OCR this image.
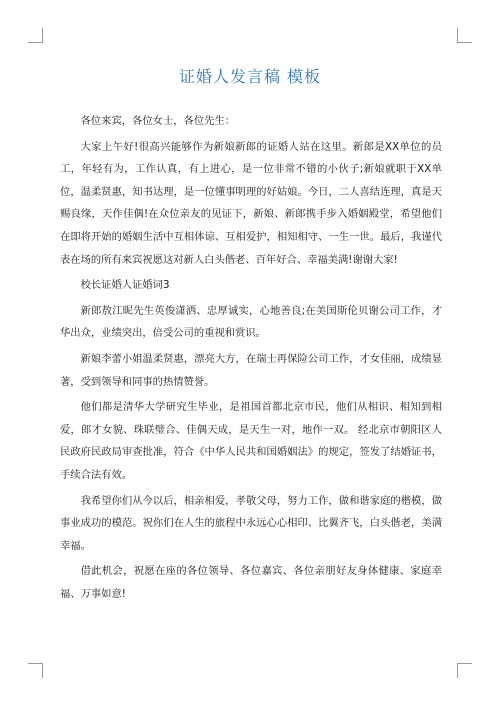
证婚人发言稿 模板

各位来宾，各位女士，各位先生：

大家上午好!很高兴能够作为新娘新郎的证婚人站在这里。新郎是XX单位的员工，年轻有为，工作认真，有上进心，是一位非常不错的小伙子;新娘就职于XX单位，温柔贤惠，知书达理，是一位懂事明理的好姑娘。今日，二人喜结连理，真是天赐良缘，天作佳偶!在众位亲友的见证下，新娘、新郎携手步入婚姻殿堂，希望他们在即将开始的婚姻生活中互相体谅、互相爱护，相知相守、一生一世。最后，我谨代表在场的所有来宾祝愿这对新人白头偕老、百年好合、幸福美满!谢谢大家!

校长证婚人证婚词3

新郎敖江昵先生英俊潇洒、忠厚诚实，心地善良;在美国斯伦贝谢公司工作，才华出众，业绩突出，倍受公司的重视和赏识。

新娘李蕾小姐温柔贤惠，漂亮大方，在瑞士再保险公司工作，才女佳丽，成绩显著，受到领导和同事的热情赞誉。

他们都是清华大学研究生毕业，是祖国首都北京市民，他们从相识、相知到相爱，郎才女貌、珠联璧合、佳偶天成，是天生一对，地作一双。 经北京市朝阳区人民政府民政局审查批准，符合《中华人民共和国婚姻法》的规定，签发了结婚证书，手续合法有效。

我希望你们从今以后，相亲相爱，孝敬父母，努力工作，做和谐家庭的楷模，做事业成功的模范。祝你们在人生的旅程中永远心心相印、比翼齐飞，白头偕老，美满幸福。

借此机会，祝愿在座的各位领导、各位嘉宾、各位亲朋好友身体健康、家庭幸福、万事如意!
